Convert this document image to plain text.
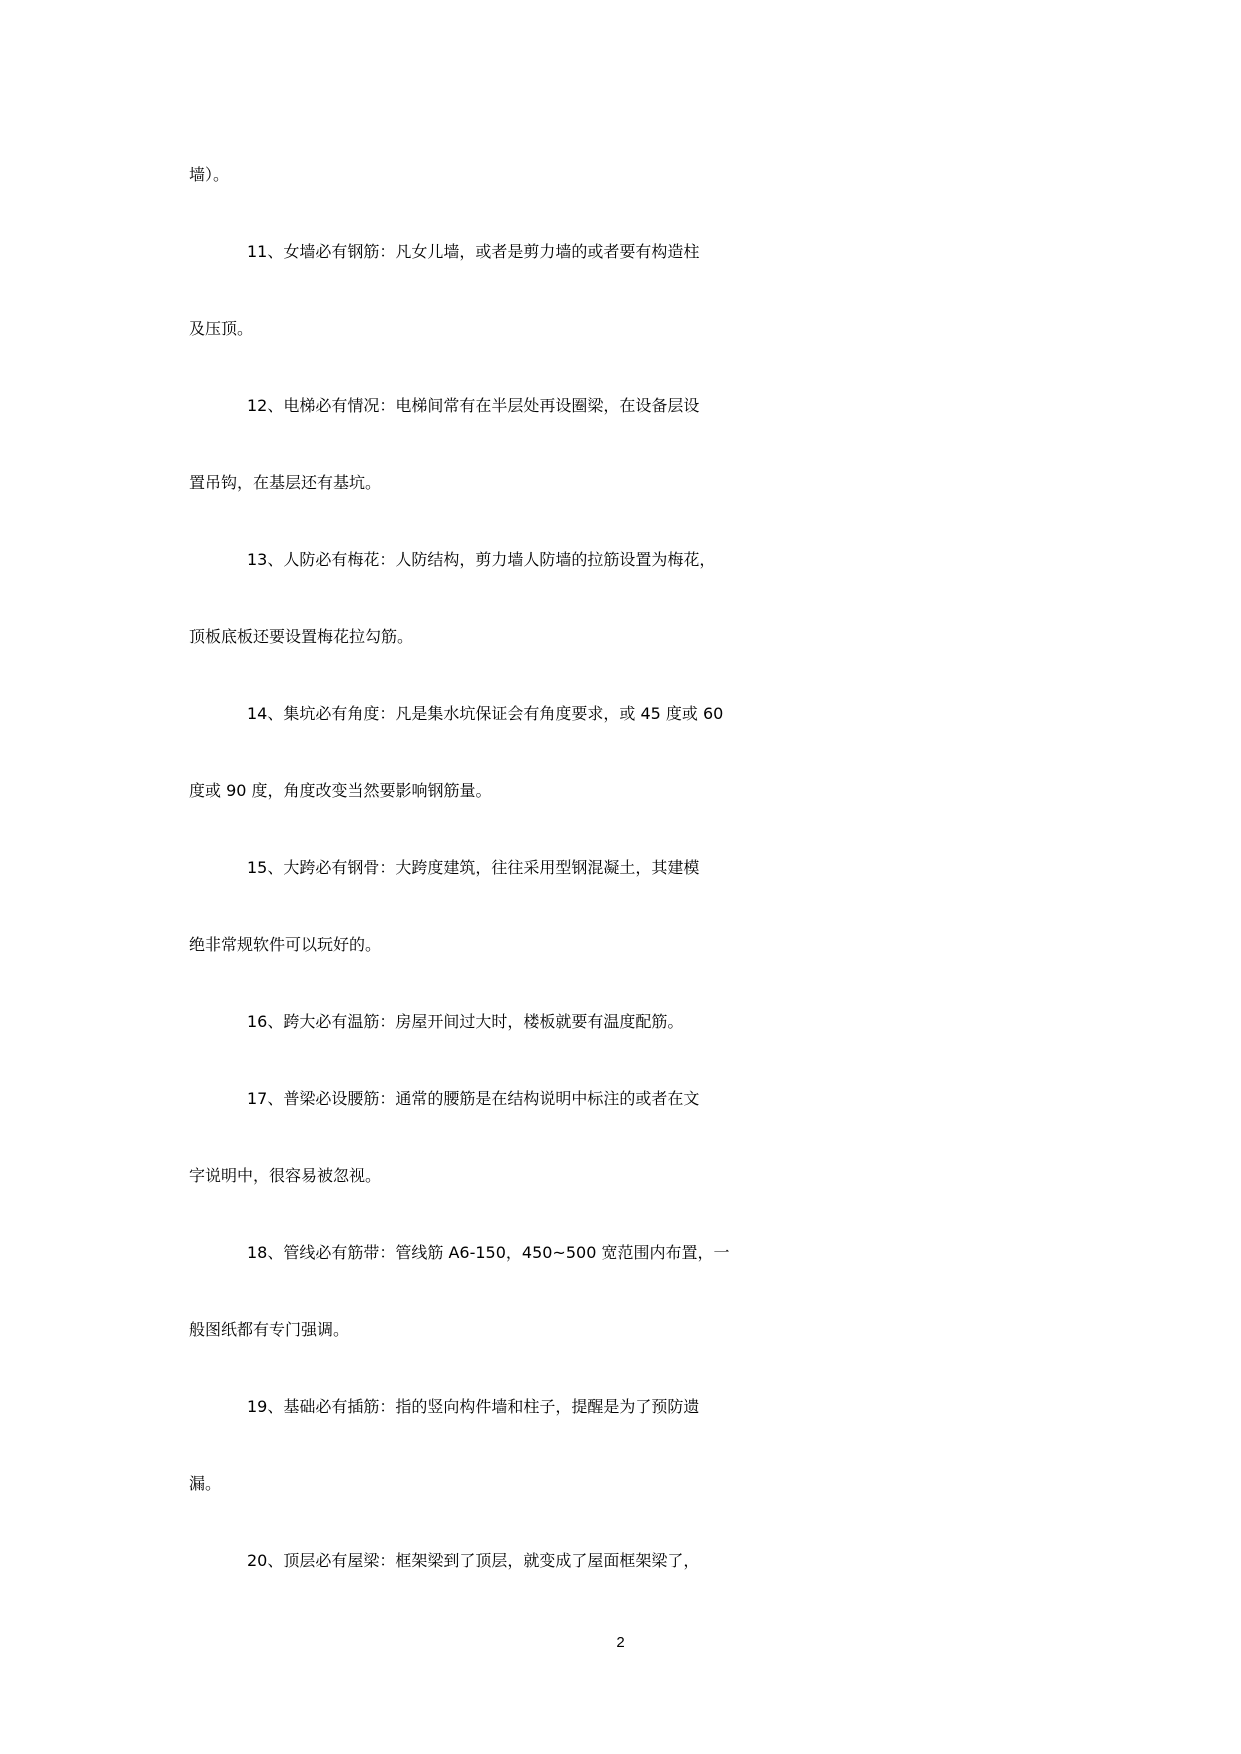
墙）。
11、女墙必有钢筋：凡女儿墙，或者是剪力墙的或者要有构造柱
及压顶。
12、电梯必有情况：电梯间常有在半层处再设圈梁，在设备层设
置吊钩，在基层还有基坑。
13、人防必有梅花：人防结构，剪力墙人防墙的拉筋设置为梅花，
顶板底板还要设置梅花拉勾筋。
14、集坑必有角度：凡是集水坑保证会有角度要求，或 45 度或 60
度或 90 度，角度改变当然要影响钢筋量。
15、大跨必有钢骨：大跨度建筑，往往采用型钢混凝土，其建模
绝非常规软件可以玩好的。
16、跨大必有温筋：房屋开间过大时，楼板就要有温度配筋。
17、普梁必设腰筋：通常的腰筋是在结构说明中标注的或者在文
字说明中，很容易被忽视。
18、管线必有筋带：管线筋 A6-150，450~500 宽范围内布置，一
般图纸都有专门强调。
19、基础必有插筋：指的竖向构件墙和柱子，提醒是为了预防遗
漏。
20、顶层必有屋梁：框架梁到了顶层，就变成了屋面框架梁了，
2
